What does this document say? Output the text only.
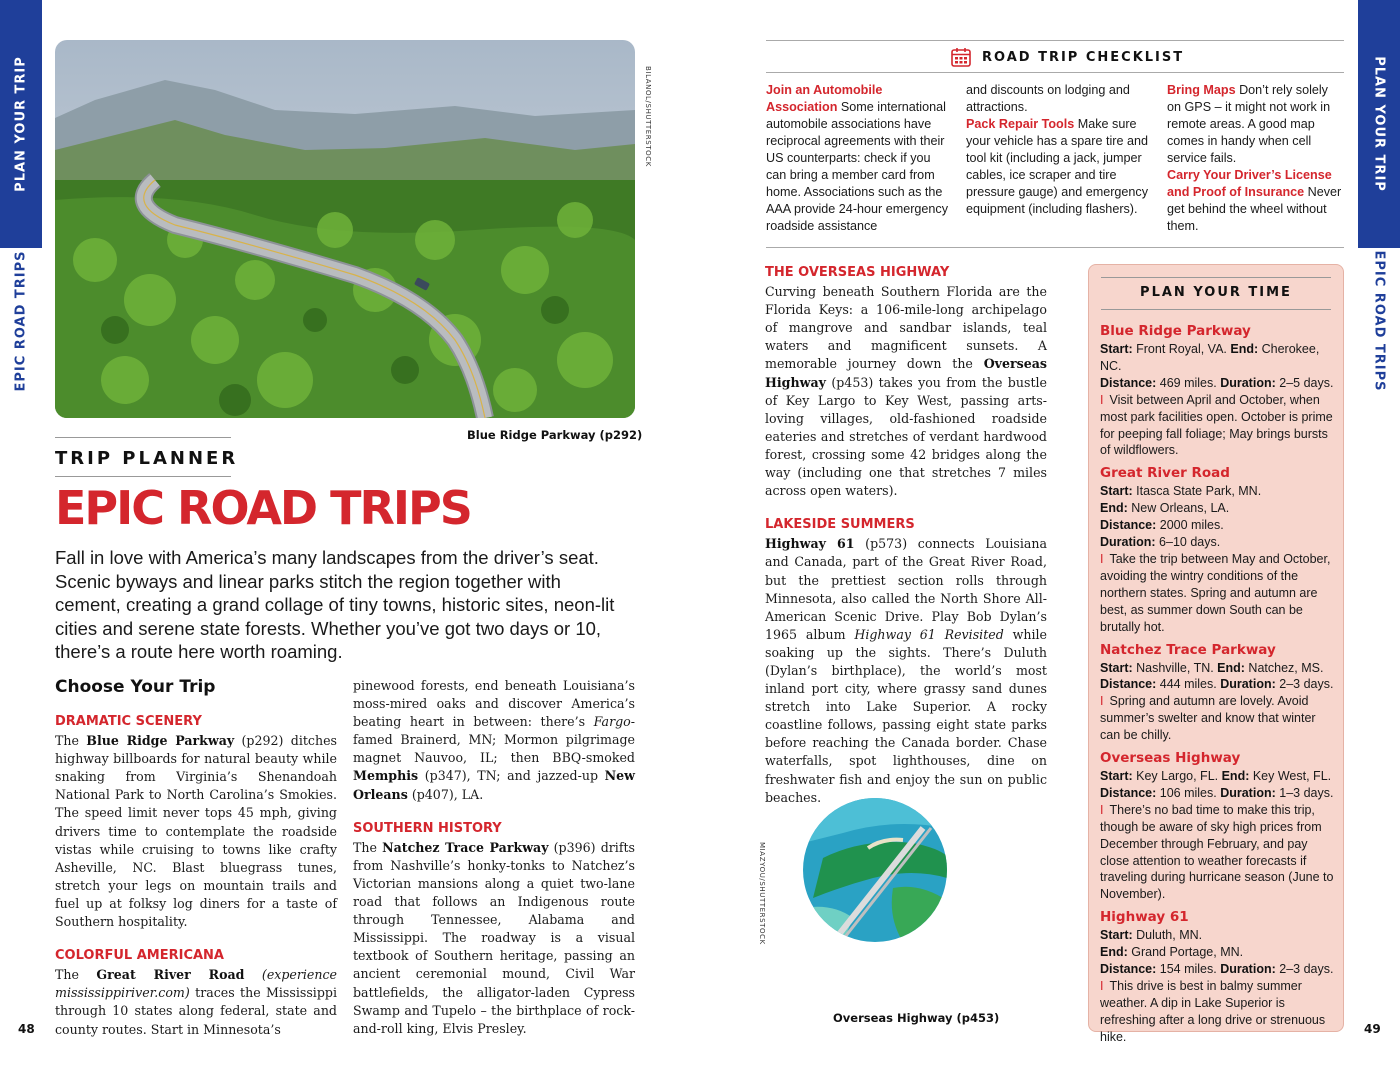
PLAN YOUR TRIP
EPIC ROAD TRIPS
PLAN YOUR TRIP
EPIC ROAD TRIPS
48	49
BILANOL/SHUTTERSTOCK
Blue Ridge Parkway (p292)
TRIP PLANNER
EPIC ROAD TRIPS

Fall in love with America’s many landscapes from the driver’s seat. Scenic byways and linear parks stitch the region together with cement, creating a grand collage of tiny towns, historic sites, neon-lit cities and serene state forests. Whether you’ve got two days or 10, there’s a route here worth roaming.

Choose Your Trip
DRAMATIC SCENERY
The Blue Ridge Parkway (p292) ditches highway billboards for natural beauty while snaking from Virginia’s Shenandoah National Park to North Carolina’s Smokies. The speed limit never tops 45 mph, giving drivers time to contemplate the roadside vistas while cruising to towns like crafty Asheville, NC. Blast bluegrass tunes, stretch your legs on mountain trails and fuel up at folksy log diners for a taste of Southern hospitality.
COLORFUL AMERICANA
The Great River Road (experience mississippiriver.com) traces the Mississippi through 10 states along federal, state and county routes. Start in Minnesota’s
pinewood forests, end beneath Louisiana’s moss-mired oaks and discover America’s beating heart in between: there’s Fargo-famed Brainerd, MN; Mormon pilgrimage magnet Nauvoo, IL; then BBQ-smoked Memphis (p347), TN; and jazzed-up New Orleans (p407), LA.
SOUTHERN HISTORY
The Natchez Trace Parkway (p396) drifts from Nashville’s honky-tonks to Natchez’s Victorian mansions along a quiet two-lane road that follows an Indigenous route through Tennessee, Alabama and Mississippi. The roadway is a visual textbook of Southern heritage, passing an ancient ceremonial mound, Civil War battlefields, the alligator-laden Cypress Swamp and Tupelo – the birthplace of rock-and-roll king, Elvis Presley.
ROAD TRIP CHECKLIST
Join an Automobile Association Some international automobile associations have reciprocal agreements with their US counterparts: check if you can bring a member card from home. Associations such as the AAA provide 24-hour emergency roadside assistance
and discounts on lodging and attractions.
Pack Repair Tools Make sure your vehicle has a spare tire and tool kit (including a jack, jumper cables, ice scraper and tire pressure gauge) and emergency equipment (including flashers).
Bring Maps Don’t rely solely on GPS – it might not work in remote areas. A good map comes in handy when cell service fails.
Carry Your Driver’s License and Proof of Insurance Never get behind the wheel without them.
THE OVERSEAS HIGHWAY
Curving beneath Southern Florida are the Florida Keys: a 106-mile-long archipelago of mangrove and sandbar islands, teal waters and magnificent sunsets. A memorable journey down the Overseas Highway (p453) takes you from the bustle of Key Largo to Key West, passing arts-loving villages, old-fashioned roadside eateries and stretches of verdant hardwood forest, crossing some 42 bridges along the way (including one that stretches 7 miles across open waters).
LAKESIDE SUMMERS
Highway 61 (p573) connects Louisiana and Canada, part of the Great River Road, but the prettiest section rolls through Minnesota, also called the North Shore All-American Scenic Drive. Play Bob Dylan’s 1965 album Highway 61 Revisited while soaking up the sights. There’s Duluth (Dylan’s birthplace), the world’s most inland port city, where grassy sand dunes stretch into Lake Superior. A rocky coastline follows, passing eight state parks before reaching the Canada border. Chase waterfalls, spot lighthouses, dine on freshwater fish and enjoy the sun on public beaches.
MIAZYOU/SHUTTERSTOCK
Overseas Highway (p453)
PLAN YOUR TIME
Blue Ridge Parkway
Start: Front Royal, VA. End: Cherokee, NC.
Distance: 469 miles. Duration: 2–5 days.
I Visit between April and October, when most park facilities open. October is prime for peeping fall foliage; May brings bursts of wildflowers.
Great River Road
Start: Itasca State Park, MN.
End: New Orleans, LA.
Distance: 2000 miles.
Duration: 6–10 days.
I Take the trip between May and October, avoiding the wintry conditions of the northern states. Spring and autumn are best, as summer down South can be brutally hot.
Natchez Trace Parkway
Start: Nashville, TN. End: Natchez, MS.
Distance: 444 miles. Duration: 2–3 days.
I Spring and autumn are lovely. Avoid summer’s swelter and know that winter can be chilly.
Overseas Highway
Start: Key Largo, FL. End: Key West, FL.
Distance: 106 miles. Duration: 1–3 days.
I There’s no bad time to make this trip, though be aware of sky high prices from December through February, and pay close attention to weather forecasts if traveling during hurricane season (June to November).
Highway 61
Start: Duluth, MN.
End: Grand Portage, MN.
Distance: 154 miles. Duration: 2–3 days.
I This drive is best in balmy summer weather. A dip in Lake Superior is refreshing after a long drive or strenuous hike.
